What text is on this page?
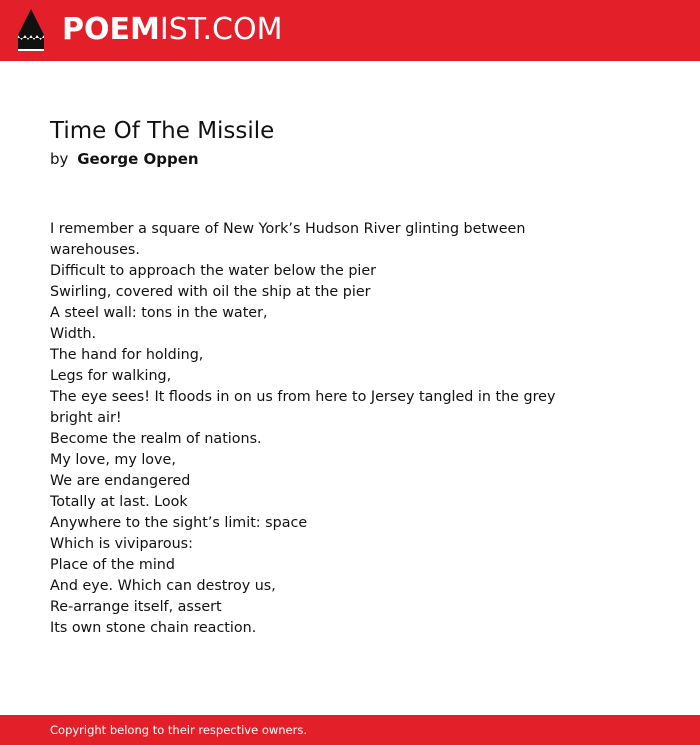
POEMIST.COM
Time Of The Missile
by George Oppen
I remember a square of New York’s Hudson River glinting between
warehouses.
Difficult to approach the water below the pier
Swirling, covered with oil the ship at the pier
A steel wall: tons in the water,
Width.
The hand for holding,
Legs for walking,
The eye sees! It floods in on us from here to Jersey tangled in the grey
bright air!
Become the realm of nations.
My love, my love,
We are endangered
Totally at last. Look
Anywhere to the sight’s limit: space
Which is viviparous:
Place of the mind
And eye. Which can destroy us,
Re-arrange itself, assert
Its own stone chain reaction.
Copyright belong to their respective owners.
